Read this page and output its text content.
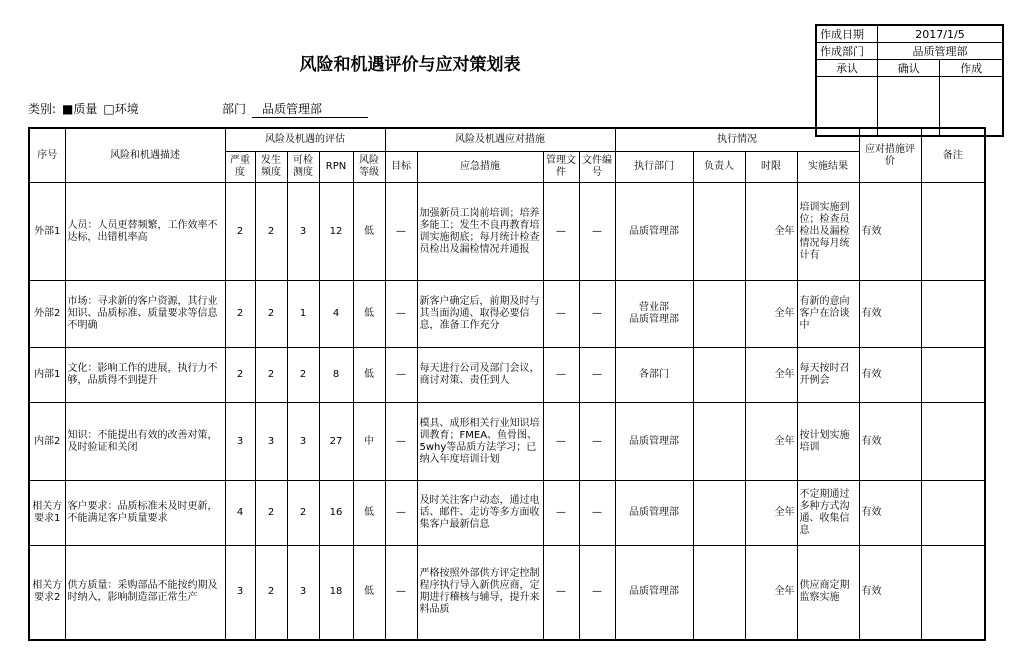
风险和机遇评价与应对策划表
作成日期	2017/1/5	
作成部门	品质管理部	
承认	确认	作成

类别: ■质量 □环境	部门 品质管理部
序号	风险和机遇描述	风险及机遇的评估					风险及机遇应对措施				执行情况				应对措施评价	备注
		严重度	发生频度	可检测度	RPN	风险等级	目标	应急措施	管理文件	文件编号	执行部门	负责人	时限	实施结果		
外部1	人员：人员更替频繁，工作效率不达标，出错机率高	2	2	3	12	低	—	加强新员工岗前培训；培养多能工；发生不良再教育培训实施彻底；每月统计检查员检出及漏检情况并通报	—	—	品质管理部		全年	培训实施到位；检查员检出及漏检情况每月统计有	有效	
外部2	市场：寻求新的客户资源，其行业知识、品质标准、质量要求等信息不明确	2	2	1	4	低	—	新客户确定后，前期及时与其当面沟通、取得必要信息，准备工作充分	—	—	营业部
品质管理部		全年	有新的意向客户在洽谈中	有效	
内部1	文化：影响工作的进展，执行力不够，品质得不到提升	2	2	2	8	低	—	每天进行公司及部门会议，商讨对策、责任到人	—	—	各部门		全年	每天按时召开例会	有效	
内部2	知识：不能提出有效的改善对策，及时验证和关闭	3	3	3	27	中	—	模具、成形相关行业知识培训教育；FMEA、鱼骨图、5why等品质方法学习；已纳入年度培训计划	—	—	品质管理部		全年	按计划实施培训	有效	
相关方要求1	客户要求：品质标准未及时更新，不能满足客户质量要求	4	2	2	16	低	—	及时关注客户动态，通过电话、邮件、走访等多方面收集客户最新信息	—	—	品质管理部		全年	不定期通过多种方式沟通、收集信息	有效	
相关方要求2	供方质量：采购部品不能按约期及时纳入，影响制造部正常生产	3	2	3	18	低	—	严格按照外部供方评定控制程序执行导入新供应商，定期进行稽核与辅导，提升来料品质	—	—	品质管理部		全年	供应商定期监察实施	有效	
